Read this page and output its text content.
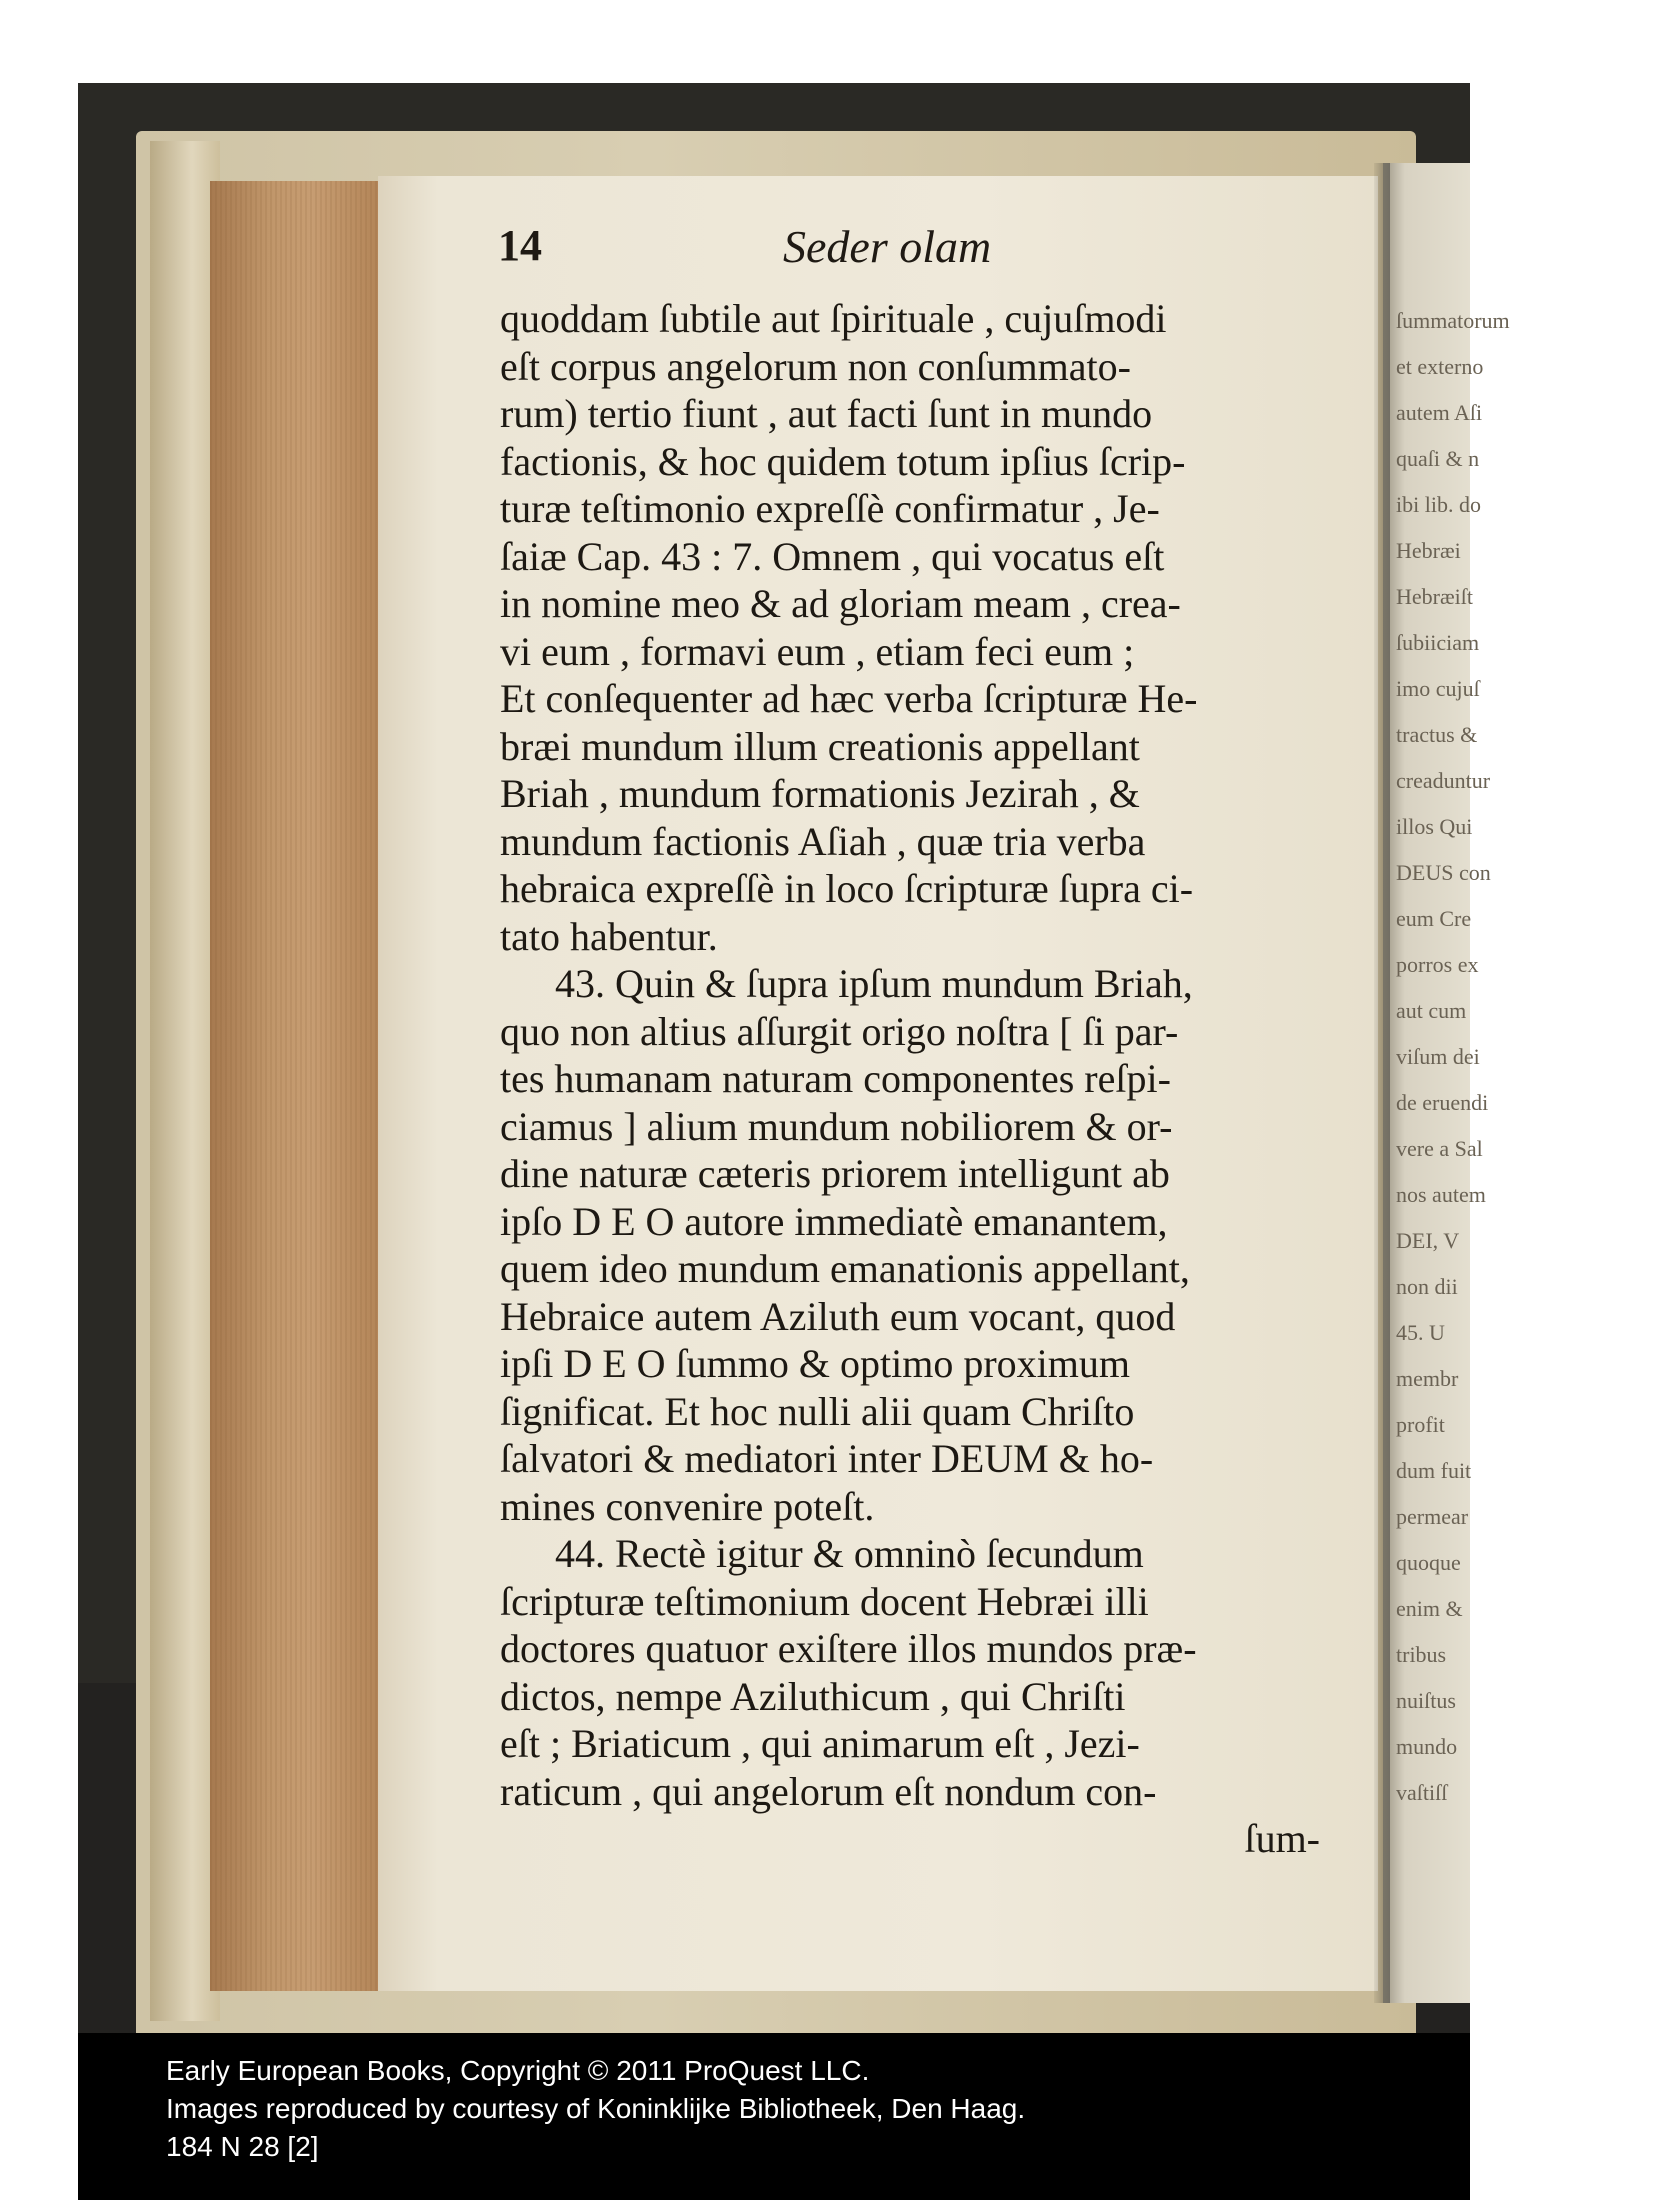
ſummatorum
et externo
autem Aſi
quaſi & n
ibi lib. do
Hebræi
Hebræiſt
ſubiiciam
imo cujuſ
tractus &
creaduntur
illos Qui
DEUS con
eum Cre
porros ex
aut cum
viſum dei
de eruendi
vere a Sal
nos autem
DEI, V
non dii
45. U
membr
profit
dum fuit
permear
quoque
enim &
tribus
nuiſtus
mundo
vaſtiſſ
14	Seder olam
quoddam ſubtile aut ſpirituale , cujuſmodi
eſt corpus angelorum non conſummato-
rum) tertio fiunt , aut facti ſunt in mundo
factionis, & hoc quidem totum ipſius ſcrip-
turæ teſtimonio expreſſè confirmatur , Je-
ſaiæ Cap. 43 : 7. Omnem , qui vocatus eſt
in nomine meo & ad gloriam meam , crea-
vi eum , formavi eum , etiam feci eum ;
Et conſequenter ad hæc verba ſcripturæ He-
bræi mundum illum creationis appellant
Briah , mundum formationis Jezirah , &
mundum factionis Aſiah , quæ tria verba
hebraica expreſſè in loco ſcripturæ ſupra ci-
tato habentur.
43. Quin & ſupra ipſum mundum Briah,
quo non altius aſſurgit origo noſtra [ ſi par-
tes humanam naturam componentes reſpi-
ciamus ] alium mundum nobiliorem & or-
dine naturæ cæteris priorem intelligunt ab
ipſo D E O autore immediatè emanantem,
quem ideo mundum emanationis appellant,
Hebraice autem Aziluth eum vocant, quod
ipſi D E O ſummo & optimo proximum
ſignificat. Et hoc nulli alii quam Chriſto
ſalvatori & mediatori inter DEUM & ho-
mines convenire poteſt.
44. Rectè igitur & omninò ſecundum
ſcripturæ teſtimonium docent Hebræi illi
doctores quatuor exiſtere illos mundos præ-
dictos, nempe Aziluthicum , qui Chriſti
eſt ; Briaticum , qui animarum eſt , Jezi-
raticum , qui angelorum eſt nondum con-
ſum-
Early European Books, Copyright © 2011 ProQuest LLC.
Images reproduced by courtesy of Koninklijke Bibliotheek, Den Haag.
184 N 28 [2]
